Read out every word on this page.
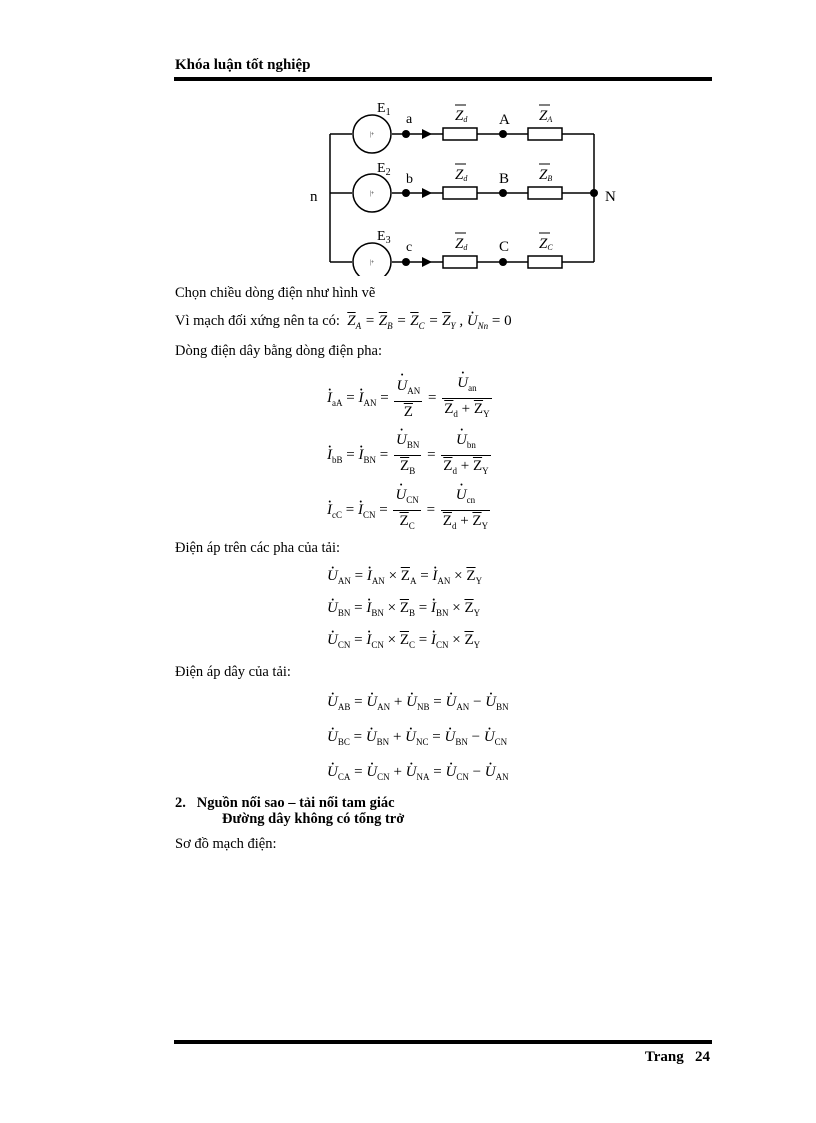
Khóa luận tốt nghiệp
|+
|+
|+
$E_1$
$E_2$
$E_3$
a
b
c
A
B
C
n	N
Zd	ZA
Zd	ZB
Zd	ZC
Chọn chiều dòng điện như hình vẽ
Vì mạch đối xứng nên ta có: $\overline{Z}_A = \overline{Z}_B = \overline{Z}_C = \overline{Z}_Y$ , · $U_{Nn} = 0$
Dòng điện dây bằng dòng điện pha:
· $I_{aA}$ = · $I_{AN}$ = · $\frac{U_{AN}}{Z}$ = · $\frac{U_{an}}{\overline{Z}_d + \overline{Z}_Y}$
· $I_{bB}$ = · $I_{BN}$ = · $\frac{U_{BN}}{\overline{Z}_B}$ = · $\frac{U_{bn}}{\overline{Z}_d + \overline{Z}_Y}$
· $I_{cC}$ = · $I_{CN}$ = · $\frac{U_{CN}}{\overline{Z}_C}$ = · $\frac{U_{cn}}{\overline{Z}_d + \overline{Z}_Y}$
Điện áp trên các pha của tải:
· $U_{AN}$ = · $I_{AN} \times \overline{Z}_A$ = · $I_{AN} \times \overline{Z}_Y$
· $U_{BN}$ = · $I_{BN} \times \overline{Z}_B$ = · $I_{BN} \times \overline{Z}_Y$
· $U_{CN}$ = · $I_{CN} \times \overline{Z}_C$ = · $I_{CN} \times \overline{Z}_Y$
Điện áp dây của tải:
· $U_{AB}$ = · $U_{AN}$ + · $U_{NB}$ = · $U_{AN}$ − · $U_{BN}$
· $U_{BC}$ = · $U_{BN}$ + · $U_{NC}$ = · $U_{BN}$ − · $U_{CN}$
· $U_{CA}$ = · $U_{CN}$ + · $U_{NA}$ = · $U_{CN}$ − · $U_{AN}$
2. Nguồn nối sao – tải nối tam giác
Đường dây không có tổng trở
Sơ đồ mạch điện:
Trang 24
